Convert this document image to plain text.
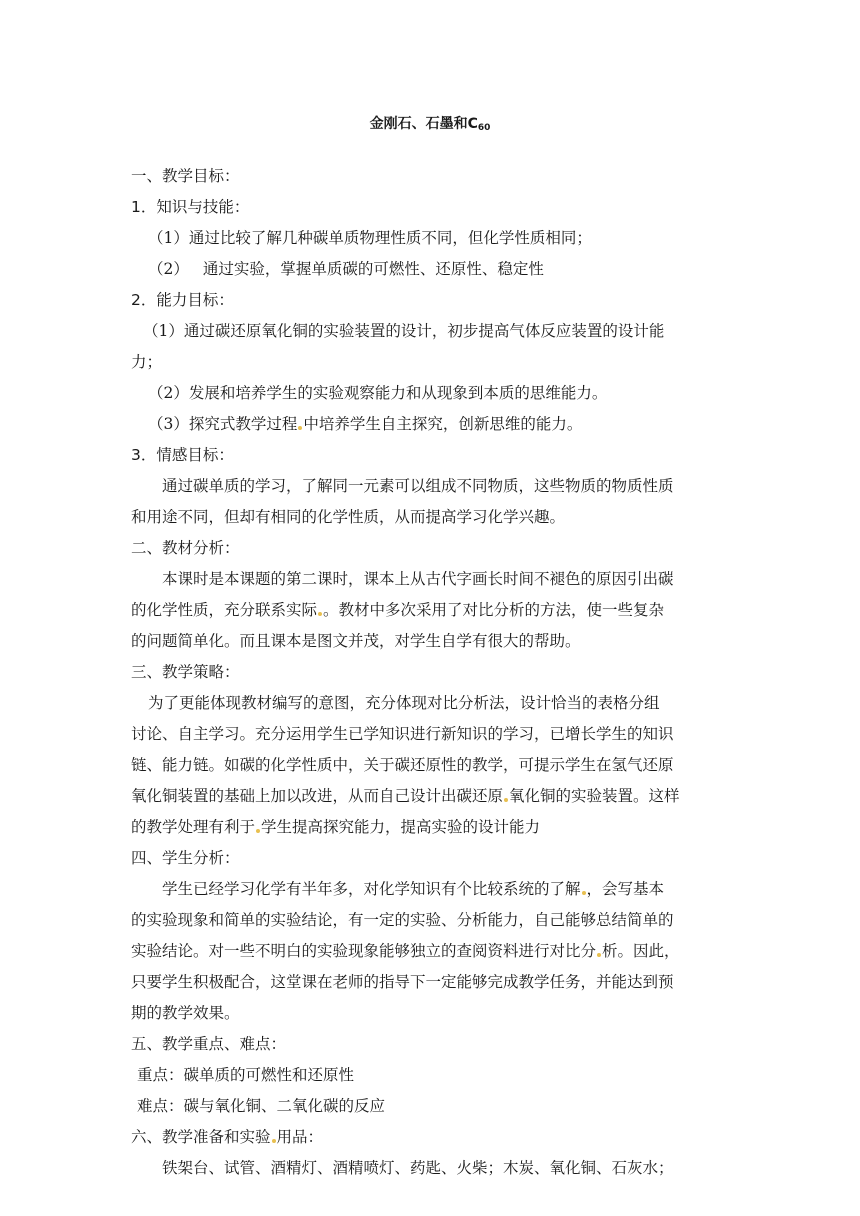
金刚石、石墨和$C_{60}$
一、教学目标：
1．知识与技能：
（1）通过比较了解几种碳单质物理性质不同，但化学性质相同；
（2） 通过实验，掌握单质碳的可燃性、还原性、稳定性
2．能力目标：
（1）通过碳还原氧化铜的实验装置的设计，初步提高气体反应装置的设计能
力；
（2）发展和培养学生的实验观察能力和从现象到本质的思维能力。
（3）探究式教学过程 中培养学生自主探究，创新思维的能力。
3．情感目标：
通过碳单质的学习，了解同一元素可以组成不同物质，这些物质的物质性质
和用途不同，但却有相同的化学性质，从而提高学习化学兴趣。
二、教材分析：
本课时是本课题的第二课时，课本上从古代字画长时间不褪色的原因引出碳
的化学性质，充分联系实际 。教材中多次采用了对比分析的方法，使一些复杂
的问题简单化。而且课本是图文并茂，对学生自学有很大的帮助。
三、教学策略：
为了更能体现教材编写的意图，充分体现对比分析法，设计恰当的表格分组
讨论、自主学习。充分运用学生已学知识进行新知识的学习，已增长学生的知识
链、能力链。如碳的化学性质中，关于碳还原性的教学，可提示学生在氢气还原
氧化铜装置的基础上加以改进，从而自己设计出碳还原 氧化铜的实验装置。这样
的教学处理有利于 学生提高探究能力，提高实验的设计能力
四、学生分析：
学生已经学习化学有半年多，对化学知识有个比较系统的了解 ，会写基本
的实验现象和简单的实验结论，有一定的实验、分析能力，自己能够总结简单的
实验结论。对一些不明白的实验现象能够独立的查阅资料进行对比分 析。因此，
只要学生积极配合，这堂课在老师的指导下一定能够完成教学任务，并能达到预
期的教学效果。
五、教学重点、难点：
重点：碳单质的可燃性和还原性
难点：碳与氧化铜、二氧化碳的反应
六、教学准备和实验 用品：
铁架台、试管、酒精灯、酒精喷灯、药匙、火柴；木炭、氧化铜、石灰水；
